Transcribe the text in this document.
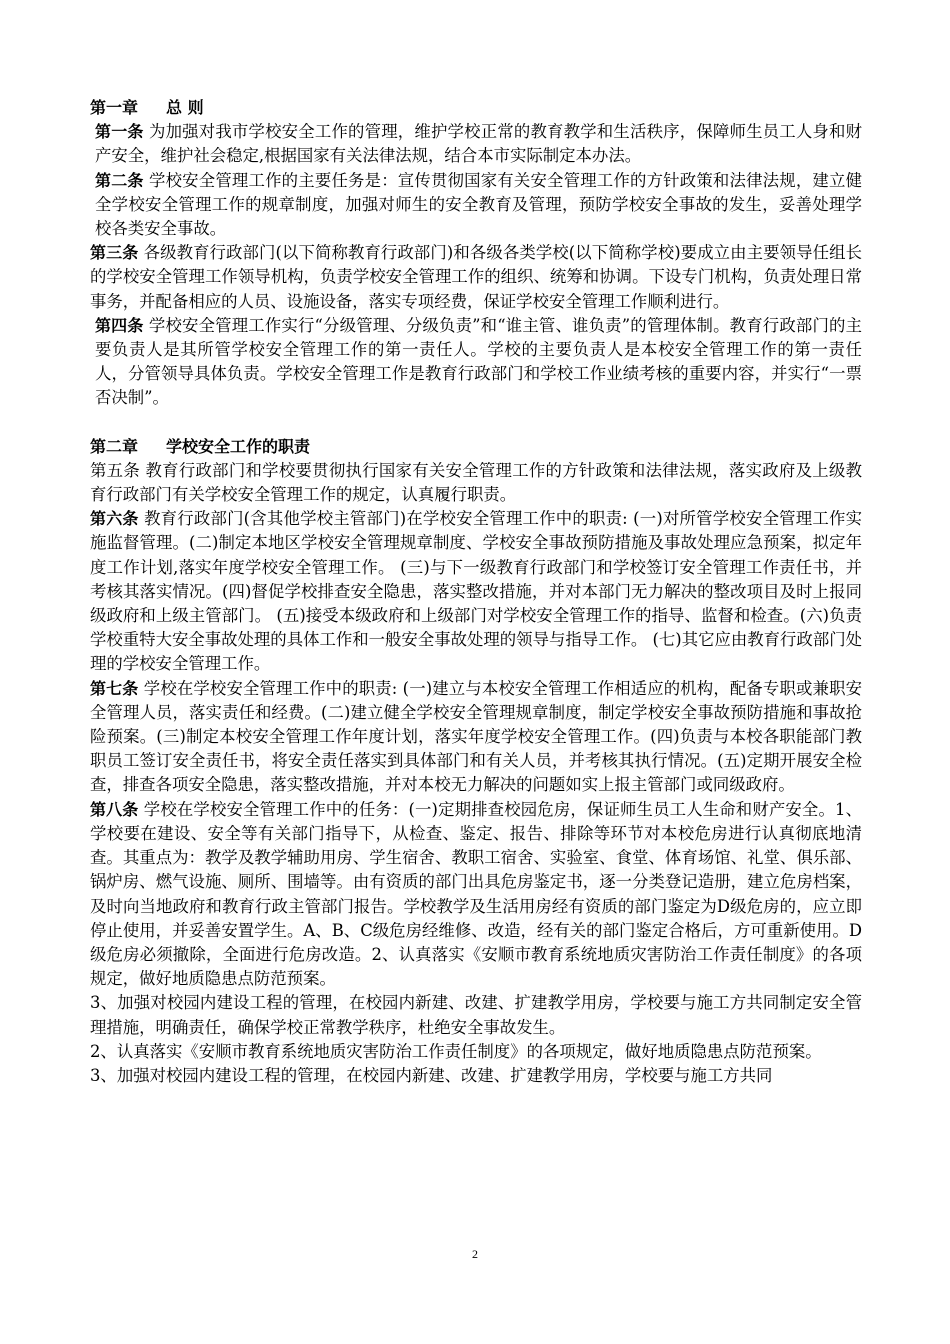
第一章 总 则

第一条 为加强对我市学校安全工作的管理，维护学校正常的教育教学和生活秩序，保障师生员工人身和财产安全，维护社会稳定,根据国家有关法律法规，结合本市实际制定本办法。

第二条 学校安全管理工作的主要任务是：宣传贯彻国家有关安全管理工作的方针政策和法律法规，建立健全学校安全管理工作的规章制度，加强对师生的安全教育及管理，预防学校安全事故的发生，妥善处理学校各类安全事故。

第三条 各级教育行政部门(以下简称教育行政部门)和各级各类学校(以下简称学校)要成立由主要领导任组长的学校安全管理工作领导机构，负责学校安全管理工作的组织、统筹和协调。下设专门机构，负责处理日常事务，并配备相应的人员、设施设备，落实专项经费，保证学校安全管理工作顺利进行。

第四条 学校安全管理工作实行“分级管理、分级负责”和“谁主管、谁负责”的管理体制。教育行政部门的主要负责人是其所管学校安全管理工作的第一责任人。学校的主要负责人是本校安全管理工作的第一责任人，分管领导具体负责。学校安全管理工作是教育行政部门和学校工作业绩考核的重要内容，并实行“一票否决制”。

第二章 学校安全工作的职责

第五条 教育行政部门和学校要贯彻执行国家有关安全管理工作的方针政策和法律法规，落实政府及上级教育行政部门有关学校安全管理工作的规定，认真履行职责。

第六条 教育行政部门(含其他学校主管部门)在学校安全管理工作中的职责: (一)对所管学校安全管理工作实施监督管理。(二)制定本地区学校安全管理规章制度、学校安全事故预防措施及事故处理应急预案，拟定年度工作计划,落实年度学校安全管理工作。 (三)与下一级教育行政部门和学校签订安全管理工作责任书，并考核其落实情况。(四)督促学校排查安全隐患，落实整改措施，并对本部门无力解决的整改项目及时上报同级政府和上级主管部门。 (五)接受本级政府和上级部门对学校安全管理工作的指导、监督和检查。(六)负责学校重特大安全事故处理的具体工作和一般安全事故处理的领导与指导工作。 (七)其它应由教育行政部门处理的学校安全管理工作。

第七条 学校在学校安全管理工作中的职责: (一)建立与本校安全管理工作相适应的机构，配备专职或兼职安全管理人员，落实责任和经费。(二)建立健全学校安全管理规章制度，制定学校安全事故预防措施和事故抢险预案。(三)制定本校安全管理工作年度计划，落实年度学校安全管理工作。(四)负责与本校各职能部门教职员工签订安全责任书，将安全责任落实到具体部门和有关人员，并考核其执行情况。(五)定期开展安全检查，排查各项安全隐患，落实整改措施，并对本校无力解决的问题如实上报主管部门或同级政府。

第八条 学校在学校安全管理工作中的任务：(一)定期排查校园危房，保证师生员工人生命和财产安全。1、学校要在建设、安全等有关部门指导下，从检查、鉴定、报告、排除等环节对本校危房进行认真彻底地清查。其重点为：教学及教学辅助用房、学生宿舍、教职工宿舍、实验室、食堂、体育场馆、礼堂、俱乐部、锅炉房、燃气设施、厕所、围墙等。由有资质的部门出具危房鉴定书，逐一分类登记造册，建立危房档案，及时向当地政府和教育行政主管部门报告。学校教学及生活用房经有资质的部门鉴定为D级危房的，应立即停止使用，并妥善安置学生。A、B、C级危房经维修、改造，经有关的部门鉴定合格后，方可重新使用。D级危房必须撤除，全面进行危房改造。2、认真落实《安顺市教育系统地质灾害防治工作责任制度》的各项规定，做好地质隐患点防范预案。

3、加强对校园内建设工程的管理，在校园内新建、改建、扩建教学用房，学校要与施工方共同制定安全管理措施，明确责任，确保学校正常教学秩序，杜绝安全事故发生。

2、认真落实《安顺市教育系统地质灾害防治工作责任制度》的各项规定，做好地质隐患点防范预案。

3、加强对校园内建设工程的管理，在校园内新建、改建、扩建教学用房，学校要与施工方共同

2
